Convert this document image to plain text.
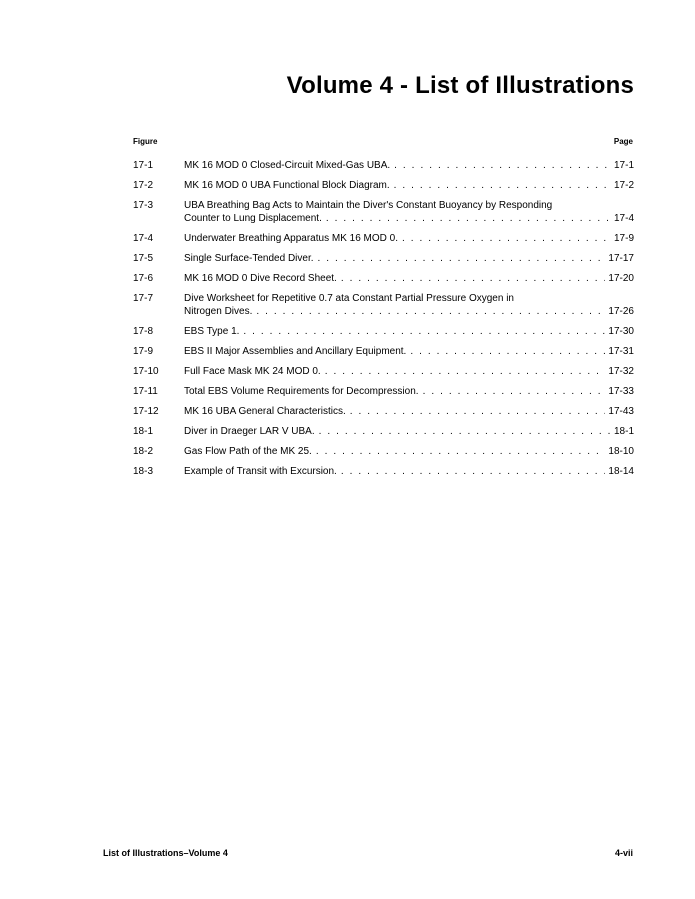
Volume 4 - List of Illustrations
Figure	Page
17-1	MK 16 MOD 0 Closed-Circuit Mixed-Gas UBA. . . .	17-1
17-2	MK 16 MOD 0 UBA Functional Block Diagram. . . .	17-2
17-3	UBA Breathing Bag Acts to Maintain the Diver's Constant Buoyancy by Responding
Counter to Lung Displacement. . . .	17-4
17-4	Underwater Breathing Apparatus MK 16 MOD 0. . . .	17-9
17-5	Single Surface-Tended Diver. . . .	17-17
17-6	MK 16 MOD 0 Dive Record Sheet. . . .	17-20
17-7	Dive Worksheet for Repetitive 0.7 ata Constant Partial Pressure Oxygen in
Nitrogen Dives. . . .	17-26
17-8	EBS Type 1. . . .	17-30
17-9	EBS II Major Assemblies and Ancillary Equipment. . . .	17-31
17-10	Full Face Mask MK 24 MOD 0. . . .	17-32
17-11	Total EBS Volume Requirements for Decompression. . . .	17-33
17-12	MK 16 UBA General Characteristics. . . .	17-43
18-1	Diver in Draeger LAR V UBA. . . .	18-1
18-2	Gas Flow Path of the MK 25. . . .	18-10
18-3	Example of Transit with Excursion. . . .	18-14
List of Illustrations–Volume 4	4-vii
